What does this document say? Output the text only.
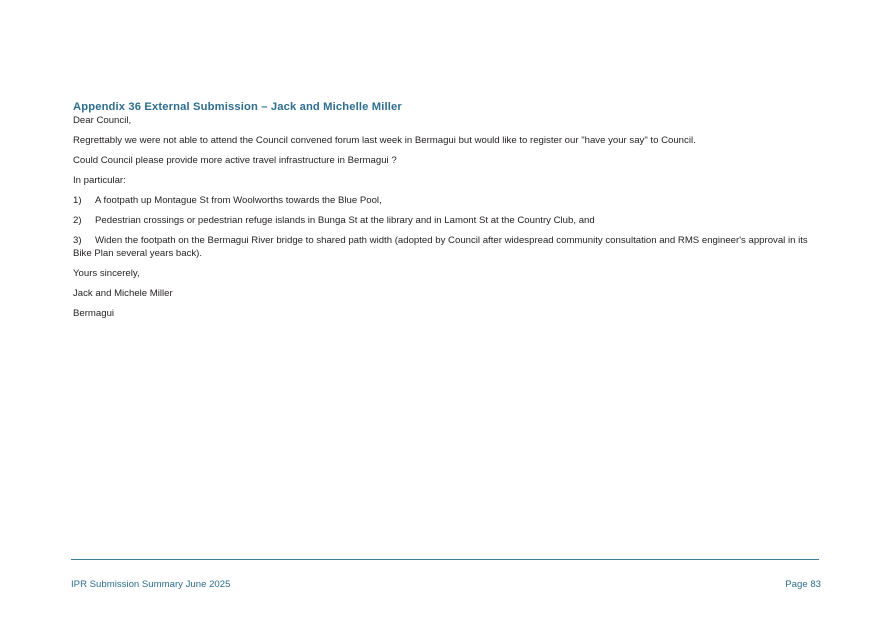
Appendix 36 External Submission – Jack and Michelle Miller

Dear Council,

Regrettably we were not able to attend the Council convened forum last week in Bermagui but would like to register our "have your say" to Council.

Could Council please provide more active travel infrastructure in Bermagui ?

In particular:

1) A footpath up Montague St from Woolworths towards the Blue Pool,
2) Pedestrian crossings or pedestrian refuge islands in Bunga St at the library and in Lamont St at the Country Club, and
3) Widen the footpath on the Bermagui River bridge to shared path width (adopted by Council after widespread community consultation and RMS engineer's approval in its Bike Plan several years back).

Yours sincerely,

Jack and Michele Miller

Bermagui

IPR Submission Summary June 2025	Page 83
